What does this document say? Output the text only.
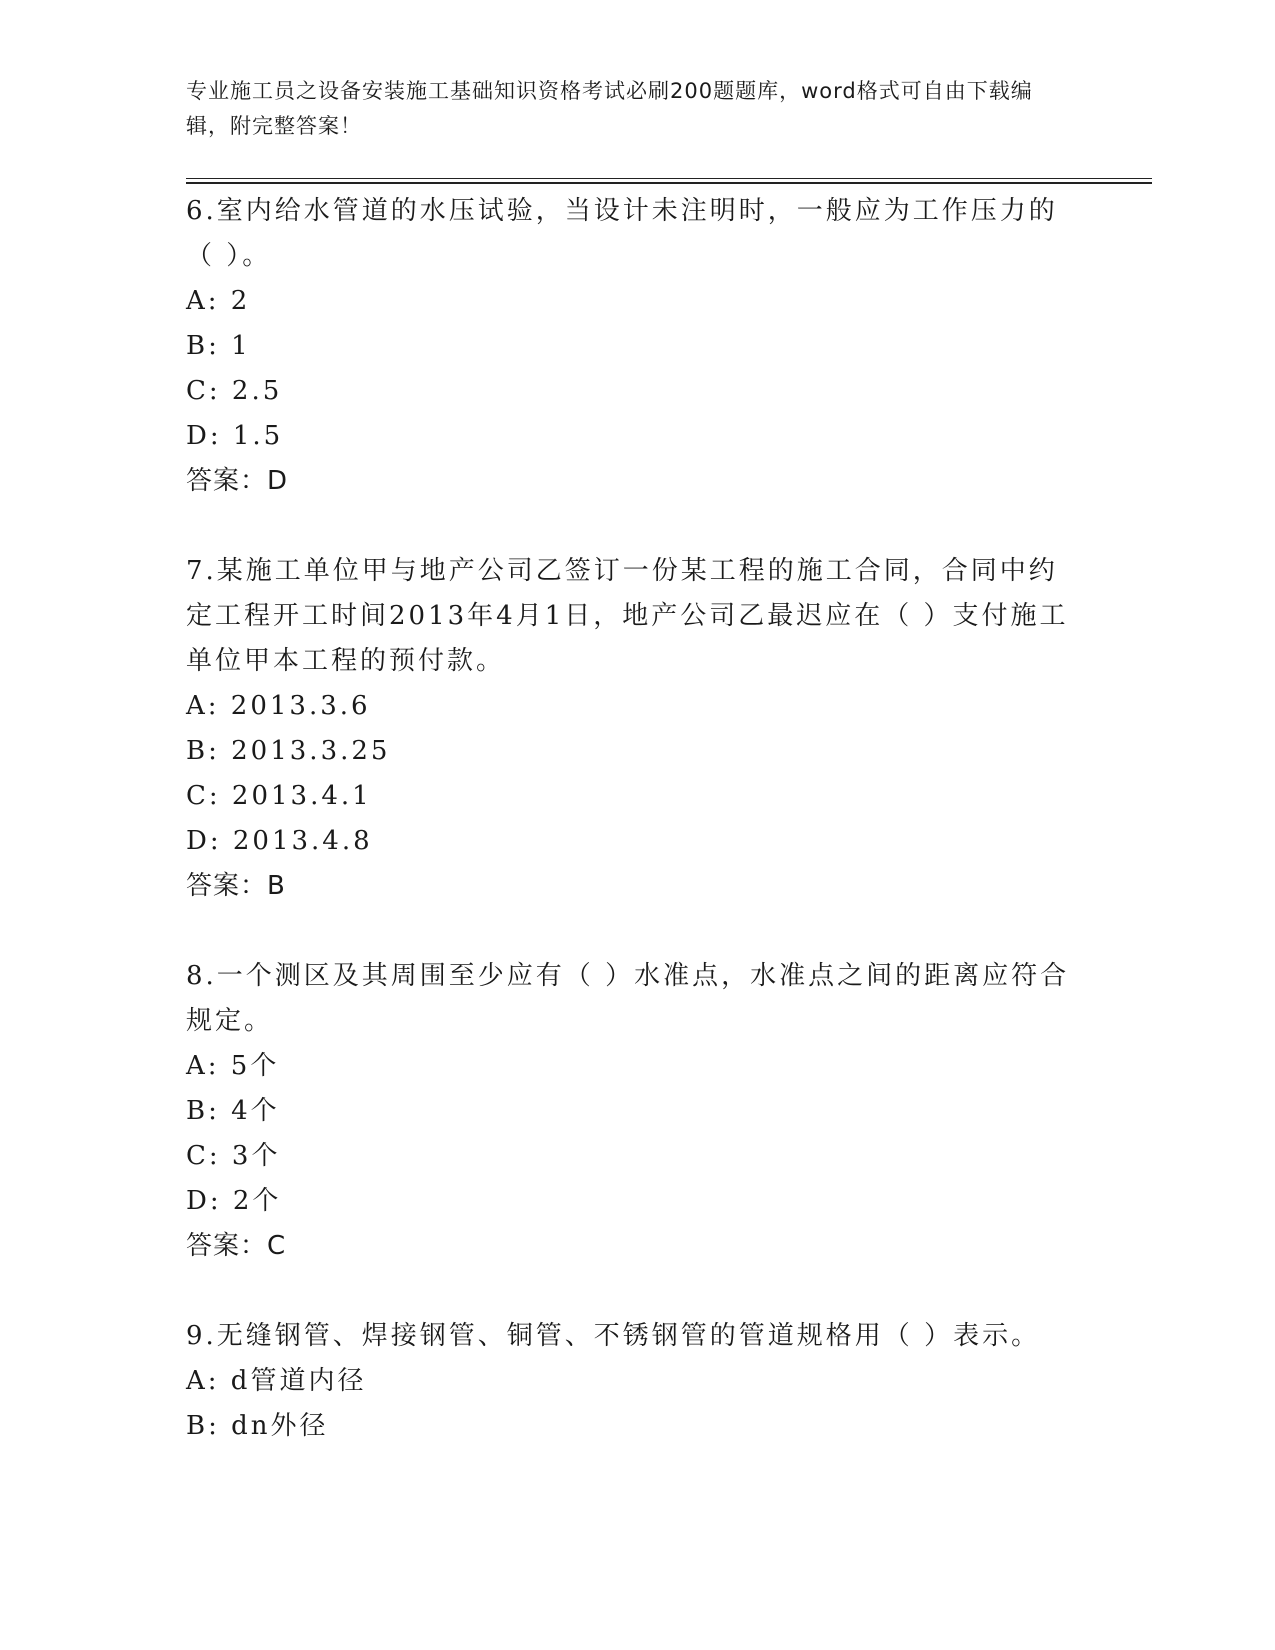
专业施工员之设备安装施工基础知识资格考试必刷200题题库，word格式可自由下载编辑，附完整答案！
6.室内给水管道的水压试验，当设计未注明时，一般应为工作压力的（ ）。
A: 2
B: 1
C: 2.5
D: 1.5
答案：D
7.某施工单位甲与地产公司乙签订一份某工程的施工合同，合同中约定工程开工时间2013年4月1日，地产公司乙最迟应在（ ）支付施工单位甲本工程的预付款。
A: 2013.3.6
B: 2013.3.25
C: 2013.4.1
D: 2013.4.8
答案：B
8.一个测区及其周围至少应有（ ）水准点，水准点之间的距离应符合规定。
A: 5个
B: 4个
C: 3个
D: 2个
答案：C
9.无缝钢管、焊接钢管、铜管、不锈钢管的管道规格用（ ）表示。
A: d管道内径
B: dn外径
